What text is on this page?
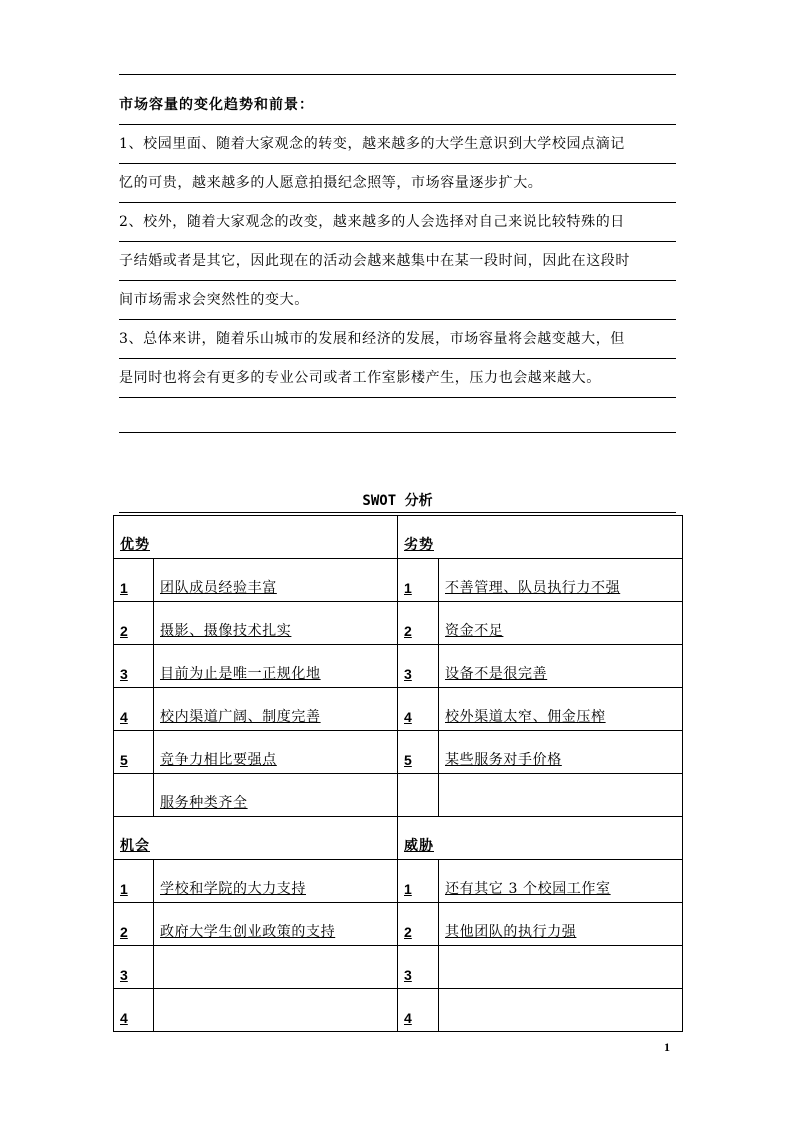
市场容量的变化趋势和前景：
1、校园里面、随着大家观念的转变，越来越多的大学生意识到大学校园点滴记
忆的可贵，越来越多的人愿意拍摄纪念照等，市场容量逐步扩大。
2、校外，随着大家观念的改变，越来越多的人会选择对自己来说比较特殊的日
子结婚或者是其它，因此现在的活动会越来越集中在某一段时间，因此在这段时
间市场需求会突然性的变大。
3、总体来讲，随着乐山城市的发展和经济的发展，市场容量将会越变越大，但
是同时也将会有更多的专业公司或者工作室影楼产生，压力也会越来越大。
SWOT 分析
优势		劣势	
1	团队成员经验丰富	1	不善管理、队员执行力不强
2	摄影、摄像技术扎实	2	资金不足
3	目前为止是唯一正规化地	3	设备不是很完善
4	校内渠道广阔、制度完善	4	校外渠道太窄、佣金压榨
5	竞争力相比要强点	5	某些服务对手价格
	服务种类齐全		
机会		威胁	
1	学校和学院的大力支持	1	还有其它 3 个校园工作室
2	政府大学生创业政策的支持	2	其他团队的执行力强
3		3	
4		4	
1
